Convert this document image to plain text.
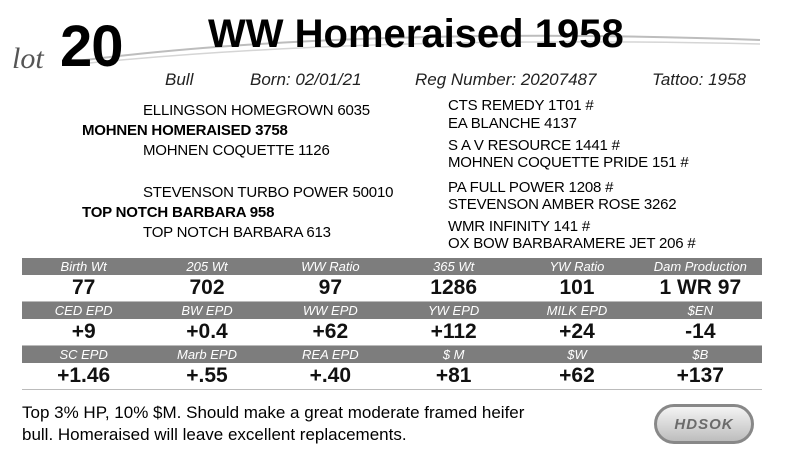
lot 20 WW Homeraised 1958
Bull	Born: 02/01/21	Reg Number: 20207487	Tattoo: 1958
ELLINGSON HOMEGROWN 6035
MOHNEN HOMERAISED 3758
MOHNEN COQUETTE 1126
STEVENSON TURBO POWER 50010
TOP NOTCH BARBARA 958
TOP NOTCH BARBARA 613
CTS REMEDY 1T01 #
EA BLANCHE 4137
S A V RESOURCE 1441 #
MOHNEN COQUETTE PRIDE 151 #
PA FULL POWER 1208 #
STEVENSON AMBER ROSE 3262
WMR INFINITY 141 #
OX BOW BARBARAMERE JET 206 #
Birth Wt	205 Wt	WW Ratio	365 Wt	YW Ratio	Dam Production
77	702	97	1286	101	1 WR 97
CED EPD	BW EPD	WW EPD	YW EPD	MILK EPD	$EN
+9	+0.4	+62	+112	+24	-14
SC EPD	Marb EPD	REA EPD	$ M	$W	$B
+1.46	+.55	+.40	+81	+62	+137
Top 3% HP, 10% $M. Should make a great moderate framed heifer
bull. Homeraised will leave excellent replacements.
HDSOK
